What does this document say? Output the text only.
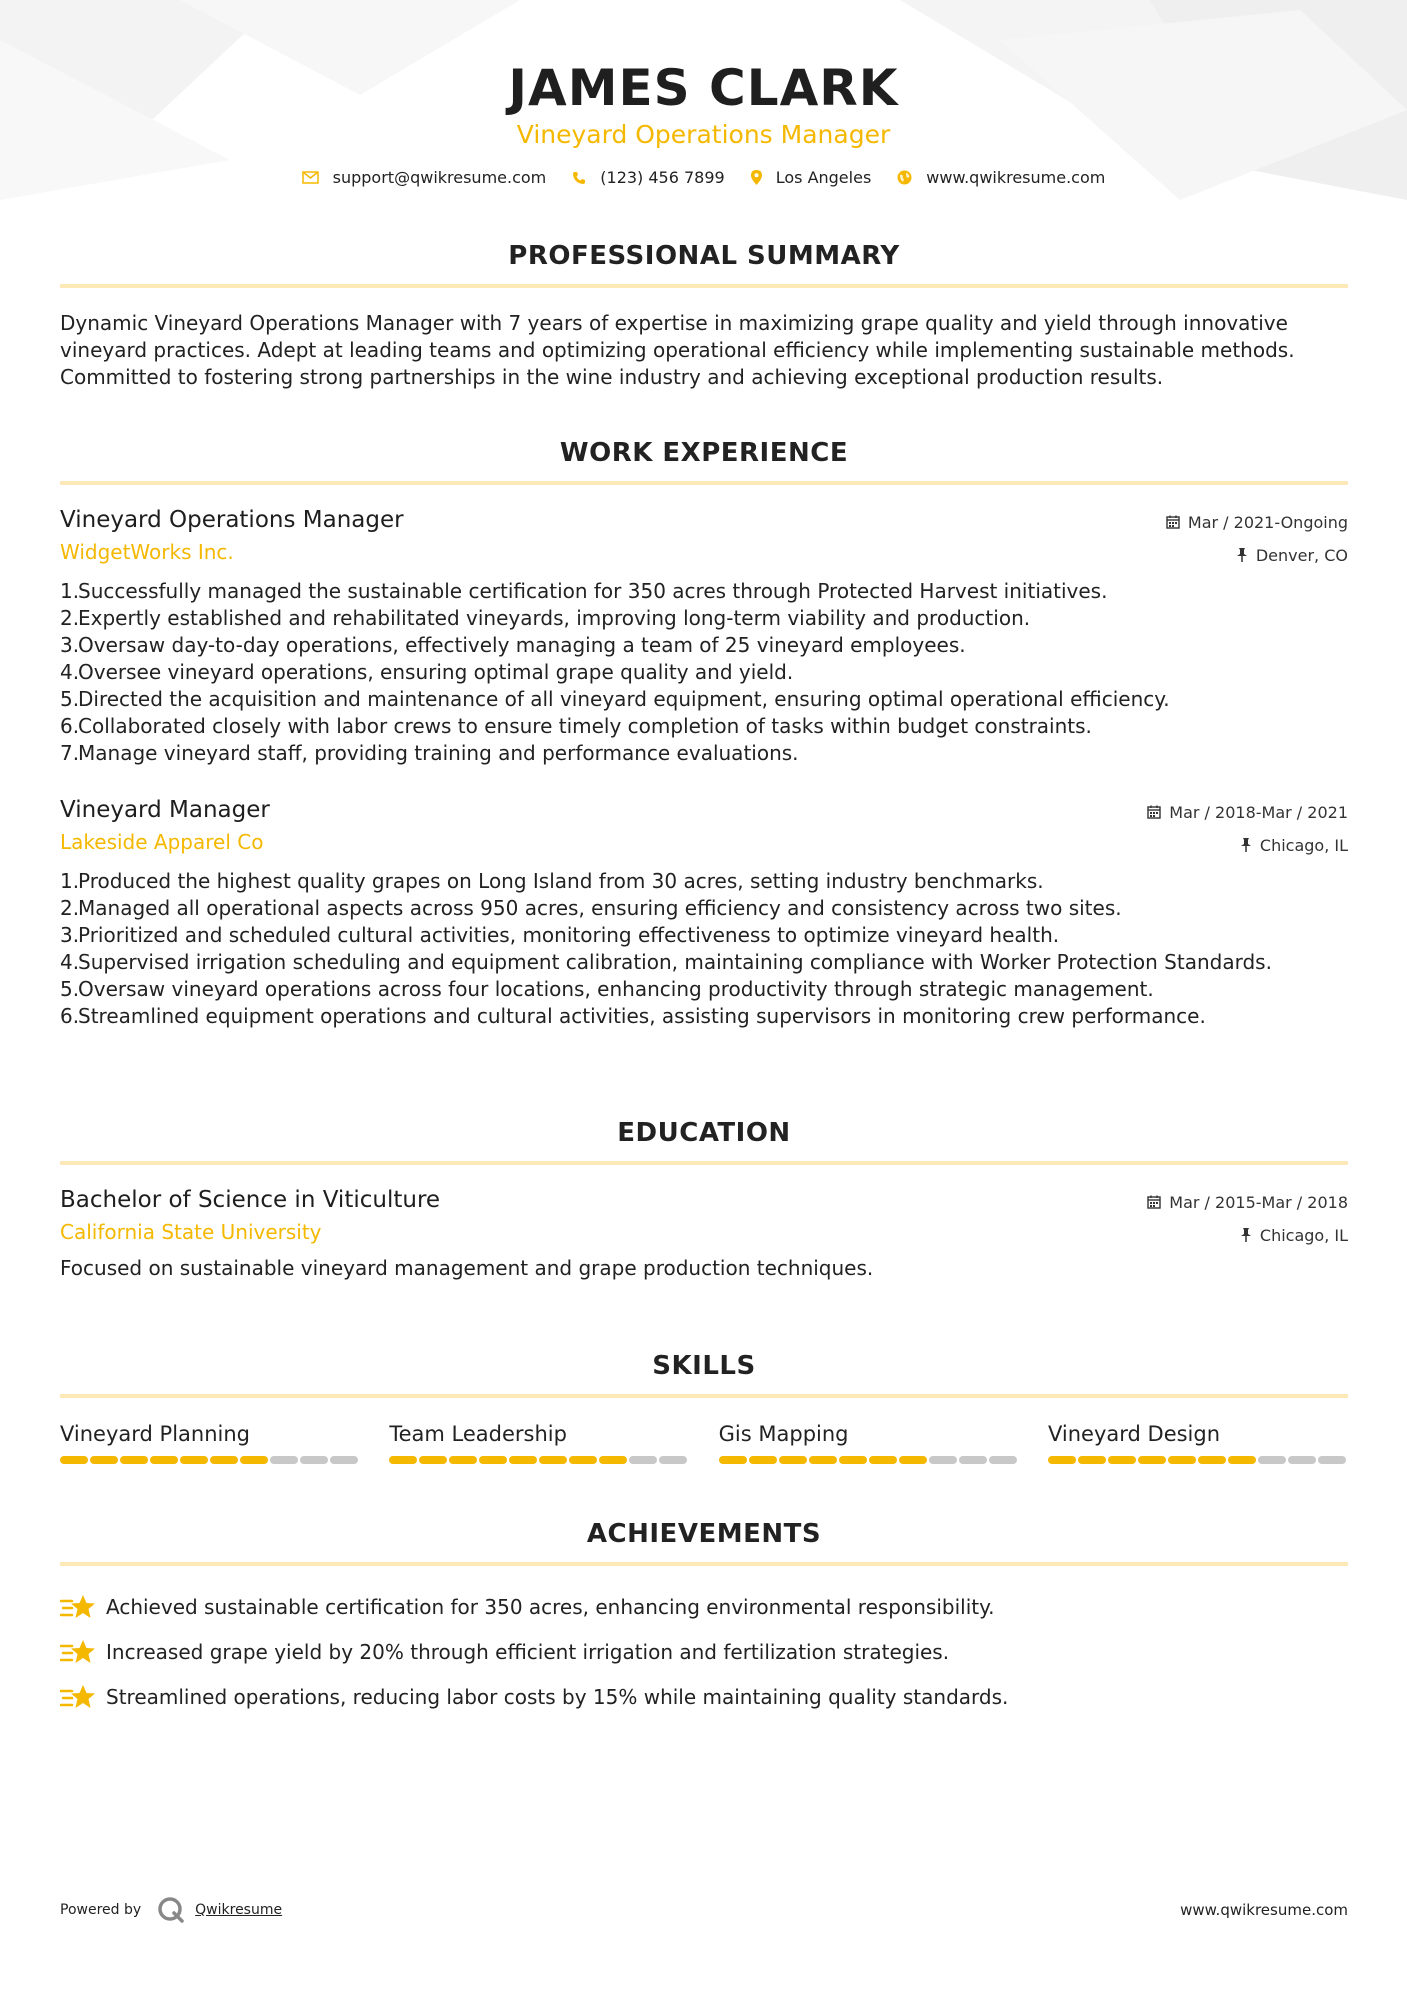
JAMES CLARK
Vineyard Operations Manager
support@qwikresume.com	(123) 456 7899	Los Angeles	www.qwikresume.com
PROFESSIONAL SUMMARY
Dynamic Vineyard Operations Manager with 7 years of expertise in maximizing grape quality and yield through innovative vineyard practices. Adept at leading teams and optimizing operational efficiency while implementing sustainable methods. Committed to fostering strong partnerships in the wine industry and achieving exceptional production results.
WORK EXPERIENCE
Vineyard Operations Manager
WidgetWorks Inc.
Mar / 2021-Ongoing
Denver, CO
1.
Successfully managed the sustainable certification for 350 acres through Protected Harvest initiatives.
2.
Expertly established and rehabilitated vineyards, improving long-term viability and production.
3.
Oversaw day-to-day operations, effectively managing a team of 25 vineyard employees.
4.
Oversee vineyard operations, ensuring optimal grape quality and yield.
5.
Directed the acquisition and maintenance of all vineyard equipment, ensuring optimal operational efficiency.
6.
Collaborated closely with labor crews to ensure timely completion of tasks within budget constraints.
7.
Manage vineyard staff, providing training and performance evaluations.
Vineyard Manager
Lakeside Apparel Co
Mar / 2018-Mar / 2021
Chicago, IL
1.
Produced the highest quality grapes on Long Island from 30 acres, setting industry benchmarks.
2.
Managed all operational aspects across 950 acres, ensuring efficiency and consistency across two sites.
3.
Prioritized and scheduled cultural activities, monitoring effectiveness to optimize vineyard health.
4.
Supervised irrigation scheduling and equipment calibration, maintaining compliance with Worker Protection Standards.
5.
Oversaw vineyard operations across four locations, enhancing productivity through strategic management.
6.
Streamlined equipment operations and cultural activities, assisting supervisors in monitoring crew performance.
EDUCATION
Bachelor of Science in Viticulture
California State University
Mar / 2015-Mar / 2018
Chicago, IL
Focused on sustainable vineyard management and grape production techniques.
SKILLS
Vineyard Planning	Team Leadership	Gis Mapping	Vineyard Design
ACHIEVEMENTS
Achieved sustainable certification for 350 acres, enhancing environmental responsibility.
Increased grape yield by 20% through efficient irrigation and fertilization strategies.
Streamlined operations, reducing labor costs by 15% while maintaining quality standards.
Powered by	Qwikresume	www.qwikresume.com
